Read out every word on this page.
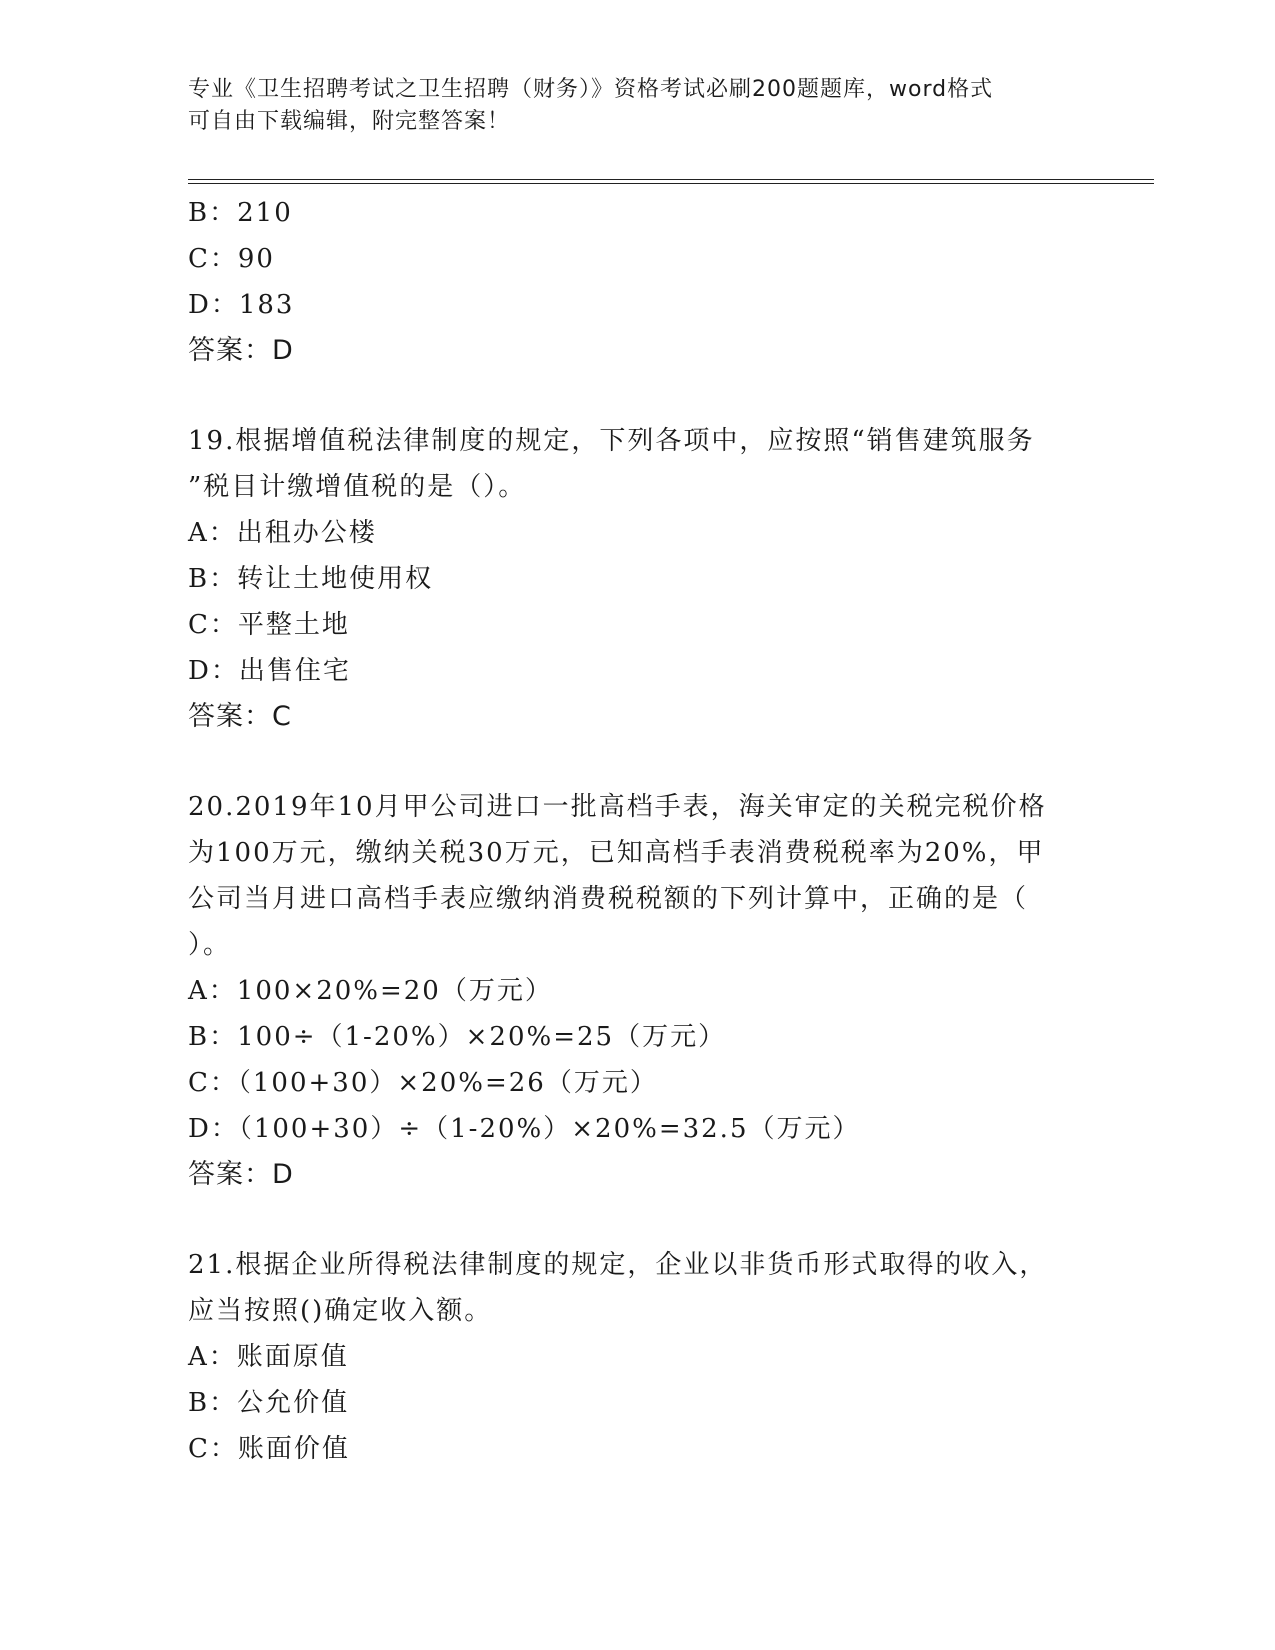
专业《卫生招聘考试之卫生招聘（财务）》资格考试必刷200题题库，word格式
可自由下载编辑，附完整答案！
B：210
C：90
D：183
答案：D
19.根据增值税法律制度的规定，下列各项中，应按照“销售建筑服务
”税目计缴增值税的是（）。
A：出租办公楼
B：转让土地使用权
C：平整土地
D：出售住宅
答案：C
20.2019年10月甲公司进口一批高档手表，海关审定的关税完税价格
为100万元，缴纳关税30万元，已知高档手表消费税税率为20%，甲
公司当月进口高档手表应缴纳消费税税额的下列计算中，正确的是（
）。
A：100×20%=20（万元）
B：100÷（1-20%）×20%=25（万元）
C：（100+30）×20%=26（万元）
D：（100+30）÷（1-20%）×20%=32.5（万元）
答案：D
21.根据企业所得税法律制度的规定，企业以非货币形式取得的收入，
应当按照()确定收入额。
A：账面原值
B：公允价值
C：账面价值
